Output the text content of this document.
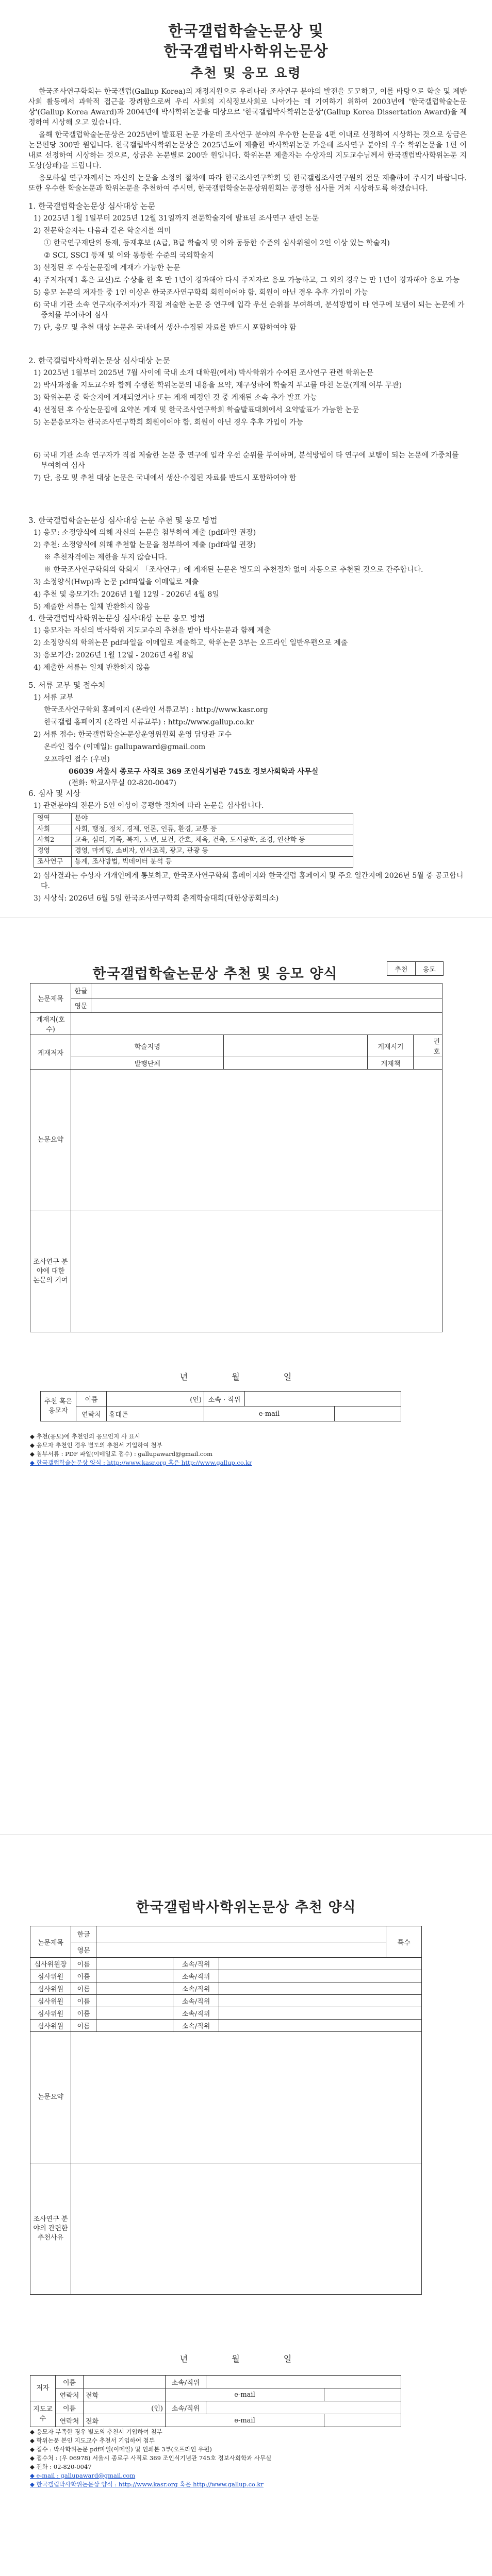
한국갤럽학술논문상 및
한국갤럽박사학위논문상
추천 및 응모 요령

한국조사연구학회는 한국갤럽(Gallup Korea)의 재정지원으로 우리나라 조사연구 분야의 발전을 도모하고, 이를 바탕으로 학술 및 제반 사회 활동에서 과학적 접근을 장려함으로써 우리 사회의 지식정보사회로 나아가는 데 기여하기 위하여 2003년에 '한국갤럽학술논문상'(Gallup Korea Award)과 2004년에 박사학위논문을 대상으로 '한국갤럽박사학위논문상'(Gallup Korea Dissertation Award)을 제정하여 시상해 오고 있습니다.

올해 한국갤럽학술논문상은 2025년에 발표된 논문 가운데 조사연구 분야의 우수한 논문을 4편 이내로 선정하여 시상하는 것으로 상금은 논문편당 300만 원입니다. 한국갤럽박사학위논문상은 2025년도에 제출한 박사학위논문 가운데 조사연구 분야의 우수 학위논문을 1편 이내로 선정하여 시상하는 것으로, 상금은 논문별로 200만 원입니다. 학위논문 제출자는 수상자의 지도교수님께서 한국갤럽박사학위논문 지도상(상패)을 드립니다.

응모하실 연구자께서는 자신의 논문을 소정의 절차에 따라 한국조사연구학회 및 한국갤럽조사연구원의 전문 제출하여 주시기 바랍니다. 또한 우수한 학술논문과 학위논문을 추천하여 주시면, 한국갤럽학술논문상위원회는 공정한 심사를 거쳐 시상하도록 하겠습니다.

1. 한국갤럽학술논문상 심사대상 논문
1) 2025년 1월 1일부터 2025년 12월 31일까지 전문학술지에 발표된 조사연구 관련 논문
2) 전문학술지는 다음과 같은 학술지를 의미
① 한국연구재단의 등재, 등재후보 (A급, B급 학술지 및 이와 동등한 수준의 심사위원이 2인 이상 있는 학술지)
② SCI, SSCI 등재 및 이와 동등한 수준의 국외학술지
3) 선정된 후 수상논문집에 게재가 가능한 논문
4) 주저자(제1 혹은 교신)로 수상을 한 후 만 1년이 경과해야 다시 주저자로 응모 가능하고, 그 외의 경우는 만 1년이 경과해야 응모 가능
5) 응모 논문의 저자들 중 1인 이상은 한국조사연구학회 회원이어야 함. 회원이 아닌 경우 추후 가입이 가능
6) 국내 기관 소속 연구자(주저자)가 직접 저술한 논문 중 연구에 입각 우선 순위를 부여하며, 분석방법이 타 연구에 보탬이 되는 논문에 가중치를 부여하여 심사
7) 단, 응모 및 추천 대상 논문은 국내에서 생산·수집된 자료를 반드시 포함하여야 함
2. 한국갤럽박사학위논문상 심사대상 논문
1) 2025년 1월부터 2025년 7월 사이에 국내 소재 대학원(에서) 박사학위가 수여된 조사연구 관련 학위논문
2) 박사과정을 지도교수와 함께 수행한 학위논문의 내용을 요약, 재구성하여 학술지 투고를 마친 논문(게재 여부 무관)
3) 학위논문 중 학술지에 게재되었거나 또는 게재 예정인 것 중 게재된 소속 추가 발표 가능
4) 선정된 후 수상논문집에 요약본 게재 및 한국조사연구학회 학술발표대회에서 요약발표가 가능한 논문
5) 논문응모자는 한국조사연구학회 회원이어야 함. 회원이 아닌 경우 추후 가입이 가능
6) 국내 기관 소속 연구자가 직접 저술한 논문 중 연구에 입각 우선 순위를 부여하며, 분석방법이 타 연구에 보탬이 되는 논문에 가중치를 부여하여 심사
7) 단, 응모 및 추천 대상 논문은 국내에서 생산·수집된 자료를 반드시 포함하여야 함
3. 한국갤럽학술논문상 심사대상 논문 추천 및 응모 방법
1) 응모: 소정양식에 의해 자신의 논문을 첨부하여 제출 (pdf파일 권장)
2) 추천: 소정양식에 의해 추천할 논문을 첨부하여 제출 (pdf파일 권장)
※ 추천자격에는 제한을 두지 않습니다.
※ 한국조사연구학회의 학회지 「조사연구」에 게재된 논문은 별도의 추천절차 없이 자동으로 추천된 것으로 간주합니다.
3) 소정양식(Hwp)과 논문 pdf파일을 이메일로 제출
4) 추천 및 응모기간: 2026년 1월 12일 - 2026년 4월 8일
5) 제출한 서류는 일체 반환하지 않음
4. 한국갤럽박사학위논문상 심사대상 논문 응모 방법
1) 응모자는 자신의 박사학위 지도교수의 추천을 받아 박사논문과 함께 제출
2) 소정양식의 학위논문 pdf파일을 이메일로 제출하고, 학위논문 3부는 오프라인 일반우편으로 제출
3) 응모기간: 2026년 1월 12일 - 2026년 4월 8일
4) 제출한 서류는 일체 반환하지 않음
5. 서류 교부 및 접수처
1) 서류 교부
한국조사연구학회 홈페이지 (온라인 서류교부) : http://www.kasr.org
한국갤럽 홈페이지 (온라인 서류교부) : http://www.gallup.co.kr
2) 서류 접수: 한국갤럽학술논문상운영위원회 운영 담당관 교수
온라인 접수 (이메일): gallupaward@gmail.com
오프라인 접수 (우편)
06039 서울시 종로구 사직로 369 조인식기념관 745호 정보사회학과 사무실
(전화: 학교사무실 02-820-0047)
6. 심사 및 시상
1) 관련분야의 전문가 5인 이상이 공평한 절차에 따라 논문을 심사합니다.
영역	분야
사회	사회, 행정, 정치, 경제, 언론, 인류, 환경, 교통 등
사회2	교육, 심리, 가족, 복지, 노년, 보건, 간호, 체육, 건축, 도시공학, 조경, 인산학 등
경영	경영, 마케팅, 소비자, 인사조직, 광고, 관광 등
조사연구	통계, 조사방법, 빅데이터 분석 등
2) 심사결과는 수상자 개개인에게 통보하고, 한국조사연구학회 홈페이지와 한국갤럽 홈페이지 및 주요 일간지에 2026년 5월 중 공고합니다.
3) 시상식: 2026년 6월 5일 한국조사연구학회 춘계학술대회(대한상공회의소)
한국갤럽학술논문상 추천 및 응모 양식	추천	응모
논문제목	한글				
	영문				
게재지(호수)					
게재저자	학술지명			게재시기	권
호
	발행단체			게재책	
논문요약					
조사연구 분야에 대한 논문의 기여					
년 월 일
추천 혹은 응모자	이름	(인)	소속 · 직위		
	연락처	휴대폰	e-mail		
◆ 추천(응모)에 추천인의 응모인지 사 표시
◆ 응모자 추천인 경우 별도의 추천서 기입하여 첨부
◆ 첨부서류 : PDF 파일(이메일로 접수) : gallupaward@gmail.com
◆ 한국갤럽학술논문상 양식 : http://www.kasr.org 혹은 http://www.gallup.co.kr
한국갤럽박사학위논문상 추천 양식
논문제목	한글				특수
	영문				
심사위원장	이름		소속/직위		
심사위원	이름		소속/직위		
심사위원	이름		소속/직위		
심사위원	이름		소속/직위		
심사위원	이름		소속/직위		
심사위원	이름		소속/직위		
논문요약					
조사연구 분야의 관련한 추천사유					
년 월 일
저자	이름		소속/직위		
	연락처	전화	e-mail		
지도교수	이름	(인)	소속/직위		
	연락처	전화	e-mail		
◆ 응모자 부족한 경우 별도의 추천서 기입하여 첨부
◆ 학위논문 본인 지도교수 추천서 기입하여 첨부
◆ 접수 : 박사학위논문 pdf파일(이메일) 및 인쇄본 3부(오프라인 우편)
◆ 접수처 : (우 06978) 서울시 종로구 사직로 369 조인식기념관 745호 정보사회학과 사무실
◆ 전화 : 02-820-0047
◆ e-mail : gallupaward@gmail.com
◆ 한국갤럽박사학위논문상 양식 : http://www.kasr.org 혹은 http://www.gallup.co.kr
